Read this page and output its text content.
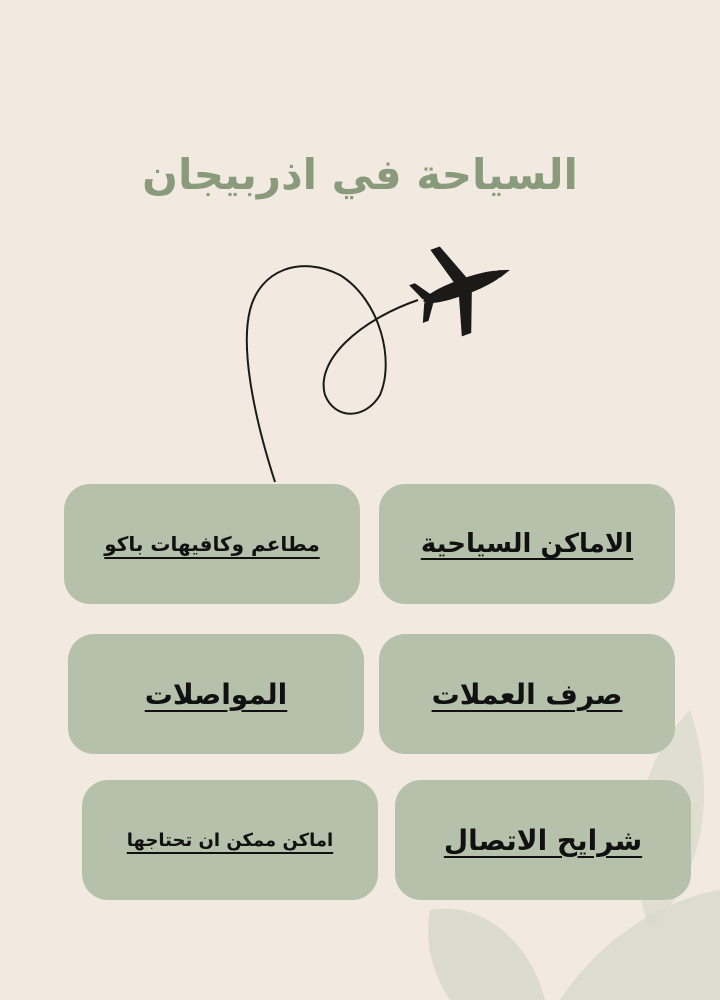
السياحة في اذربيجان
الاماكن السياحية
مطاعم وكافيهات باكو
صرف العملات
المواصلات
شرايح الاتصال
اماكن ممكن ان تحتاجها
